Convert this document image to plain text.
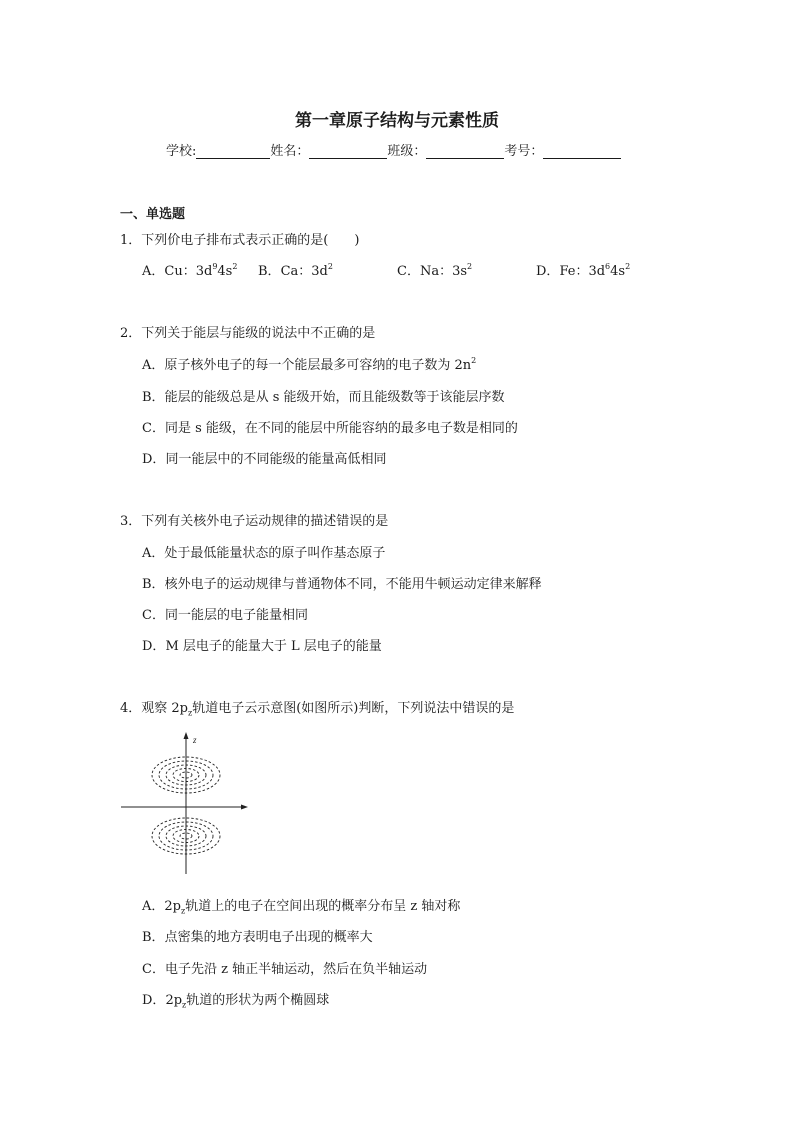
第一章原子结构与元素性质
学校:	姓名：	班级：	考号：
一、单选题
1．下列价电子排布式表示正确的是(　　)
A．Cu：$3d^94s^2$ B．Ca：$3d^2$	C．Na：$3s^2$	D．Fe：$3d^64s^2$
2．下列关于能层与能级的说法中不正确的是
A．原子核外电子的每一个能层最多可容纳的电子数为 $2n^2$
B．能层的能级总是从 s 能级开始，而且能级数等于该能层序数
C．同是 s 能级，在不同的能层中所能容纳的最多电子数是相同的
D．同一能层中的不同能级的能量高低相同
3．下列有关核外电子运动规律的描述错误的是
A．处于最低能量状态的原子叫作基态原子
B．核外电子的运动规律与普通物体不同，不能用牛顿运动定律来解释
C．同一能层的电子能量相同
D．M 层电子的能量大于 L 层电子的能量
4．观察 $2p_z$轨道电子云示意图(如图所示)判断，下列说法中错误的是
z
A．$2p_z$轨道上的电子在空间出现的概率分布呈 z 轴对称
B．点密集的地方表明电子出现的概率大
C．电子先沿 z 轴正半轴运动，然后在负半轴运动
D．$2p_z$轨道的形状为两个椭圆球
